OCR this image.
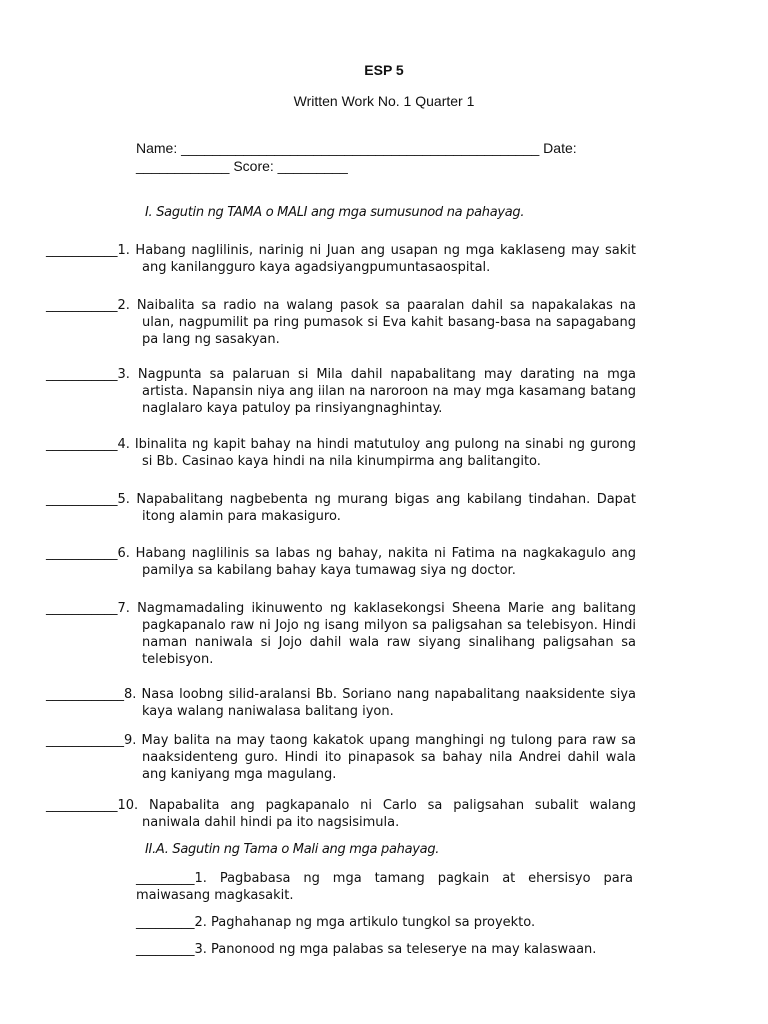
ESP 5
Written Work No. 1 Quarter 1
Name: ______________________________________________ Date:
____________ Score: _________
I. Sagutin ng TAMA o MALI ang mga sumusunod na pahayag.
___________1. Habang naglilinis, narinig ni Juan ang usapan ng mga kaklaseng may sakit ang kanilangguro kaya agadsiyangpumuntasaospital.
___________2. Naibalita sa radio na walang pasok sa paaralan dahil sa napakalakas na ulan, nagpumilit pa ring pumasok si Eva kahit basang-basa na sapagabang pa lang ng sasakyan.
___________3. Nagpunta sa palaruan si Mila dahil napabalitang may darating na mga artista. Napansin niya ang iilan na naroroon na may mga kasamang batang naglalaro kaya patuloy pa rinsiyangnaghintay.
___________4. Ibinalita ng kapit bahay na hindi matutuloy ang pulong na sinabi ng gurong si Bb. Casinao kaya hindi na nila kinumpirma ang balitangito.
___________5. Napabalitang nagbebenta ng murang bigas ang kabilang tindahan. Dapat itong alamin para makasiguro.
___________6. Habang naglilinis sa labas ng bahay, nakita ni Fatima na nagkakagulo ang pamilya sa kabilang bahay kaya tumawag siya ng doctor.
___________7. Nagmamadaling ikinuwento ng kaklasekongsi Sheena Marie ang balitang pagkapanalo raw ni Jojo ng isang milyon sa paligsahan sa telebisyon. Hindi naman naniwala si Jojo dahil wala raw siyang sinalihang paligsahan sa telebisyon.
____________8. Nasa loobng silid-aralansi Bb. Soriano nang napabalitang naaksidente siya kaya walang naniwalasa balitang iyon.
____________9. May balita na may taong kakatok upang manghingi ng tulong para raw sa naaksidenteng guro. Hindi ito pinapasok sa bahay nila Andrei dahil wala ang kaniyang mga magulang.
___________10. Napabalita ang pagkapanalo ni Carlo sa paligsahan subalit walang naniwala dahil hindi pa ito nagsisimula.
II.A. Sagutin ng Tama o Mali ang mga pahayag.
_________1. Pagbabasa ng mga tamang pagkain at ehersisyo para maiwasang magkasakit.
_________2. Paghahanap ng mga artikulo tungkol sa proyekto.
_________3. Panonood ng mga palabas sa teleserye na may kalaswaan.
